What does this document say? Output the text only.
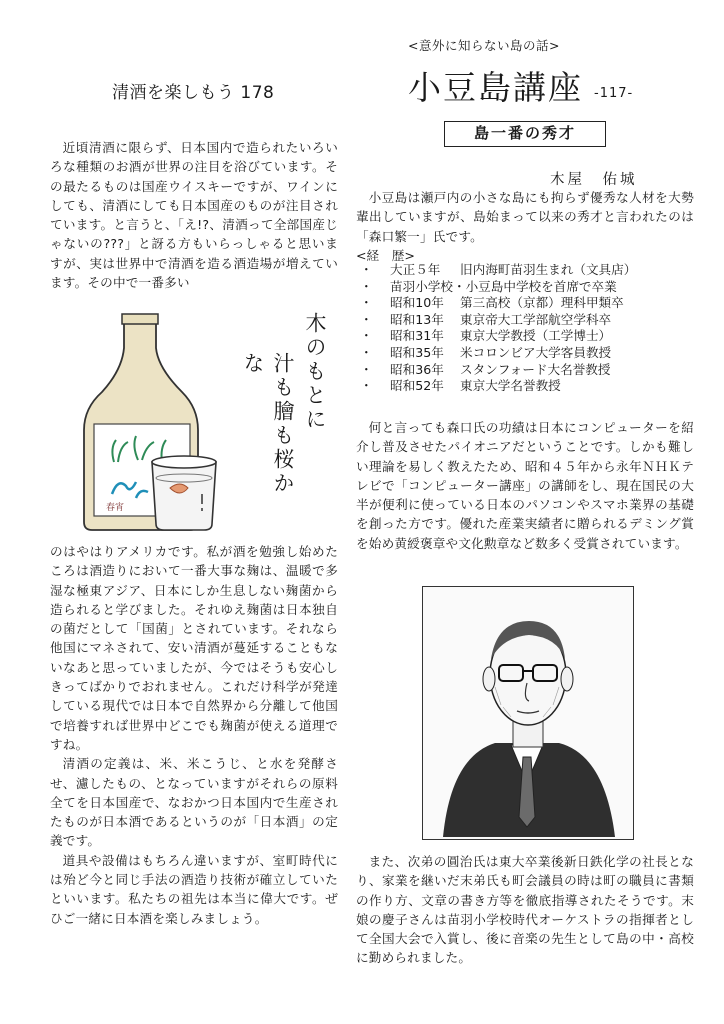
清酒を楽しもう 178

近頃清酒に限らず、日本国内で造られたいろいろな種類のお酒が世界の注目を浴びています。その最たるものは国産ウイスキーですが、ワインにしても、清酒にしても日本国産のものが注目されています。と言うと、「え!?、清酒って全部国産じゃないの???」と訝る方もいらっしゃると思いますが、実は世界中で清酒を造る酒造場が増えています。その中で一番多い

春宵
木のもとに
汁も膾も桜かな

のはやはりアメリカです。私が酒を勉強し始めたころは酒造りにおいて一番大事な麹は、温暖で多湿な極東アジア、日本にしか生息しない麹菌から造られると学びました。それゆえ麹菌は日本独自の菌だとして「国菌」とされています。それなら他国にマネされて、安い清酒が蔓延することもないなあと思っていましたが、今ではそうも安心しきってばかりでおれません。これだけ科学が発達している現代では日本で自然界から分離して他国で培養すれば世界中どこでも麹菌が使える道理ですね。

清酒の定義は、米、米こうじ、と水を発酵させ、濾したもの、となっていますがそれらの原料全てを日本国産で、なおかつ日本国内で生産されたものが日本酒であるというのが「日本酒」の定義です。

道具や設備はもちろん違いますが、室町時代には殆ど今と同じ手法の酒造り技術が確立していたといいます。私たちの祖先は本当に偉大です。ぜひご一緒に日本酒を楽しみましょう。

<意外に知らない島の話>
小豆島講座 -117-
島一番の秀才
木屋　佑城

小豆島は瀬戸内の小さな島にも拘らず優秀な人材を大勢輩出していますが、島始まって以来の秀才と言われたのは「森口繁一」氏です。

<経　歴>
・	大正５年	旧内海町苗羽生まれ（文具店）
・	苗羽小学校・小豆島中学校を首席で卒業
・	昭和10年	第三高校（京都）理科甲類卒
・	昭和13年	東京帝大工学部航空学科卒
・	昭和31年	東京大学教授（工学博士）
・	昭和35年	米コロンビア大学客員教授
・	昭和36年	スタンフォード大名誉教授
・	昭和52年	東京大学名誉教授

何と言っても森口氏の功績は日本にコンピューターを紹介し普及させたパイオニアだということです。しかも難しい理論を易しく教えたため、昭和４５年から永年ＮＨＫテレビで「コンピューター講座」の講師をし、現在国民の大半が便利に使っている日本のパソコンやスマホ業界の基礎を創った方です。優れた産業実績者に贈られるデミング賞を始め黄綬褒章や文化勲章など数多く受賞されています。

また、次弟の圓治氏は東大卒業後新日鉄化学の社長となり、家業を継いだ末弟氏も町会議員の時は町の職員に書類の作り方、文章の書き方等を徹底指導されたそうです。末娘の慶子さんは苗羽小学校時代オーケストラの指揮者として全国大会で入賞し、後に音楽の先生として島の中・高校に勤められました。
